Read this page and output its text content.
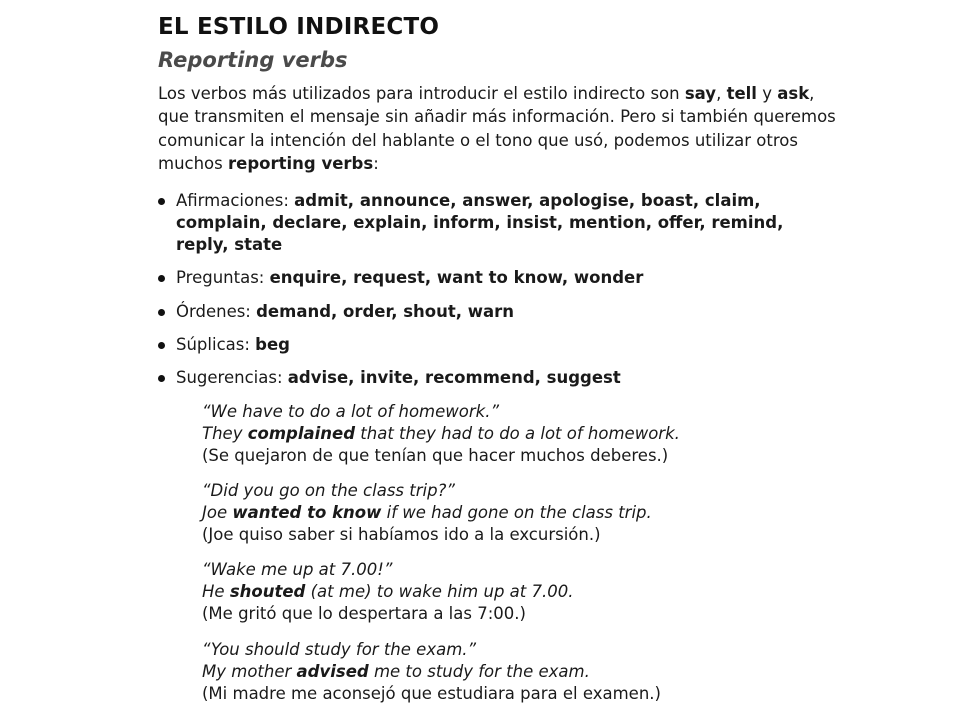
EL ESTILO INDIRECTO
Reporting verbs

Los verbos más utilizados para introducir el estilo indirecto son say, tell y ask, que transmiten el mensaje sin añadir más información. Pero si también queremos comunicar la intención del hablante o el tono que usó, podemos utilizar otros muchos reporting verbs:

Afirmaciones: admit, announce, answer, apologise, boast, claim, complain, declare, explain, inform, insist, mention, offer, remind, reply, state
Preguntas: enquire, request, want to know, wonder
Órdenes: demand, order, shout, warn
Súplicas: beg
Sugerencias: advise, invite, recommend, suggest
“We have to do a lot of homework.”
They complained that they had to do a lot of homework.
(Se quejaron de que tenían que hacer muchos deberes.)
“Did you go on the class trip?”
Joe wanted to know if we had gone on the class trip.
(Joe quiso saber si habíamos ido a la excursión.)
“Wake me up at 7.00!”
He shouted (at me) to wake him up at 7.00.
(Me gritó que lo despertara a las 7:00.)
“You should study for the exam.”
My mother advised me to study for the exam.
(Mi madre me aconsejó que estudiara para el examen.)
